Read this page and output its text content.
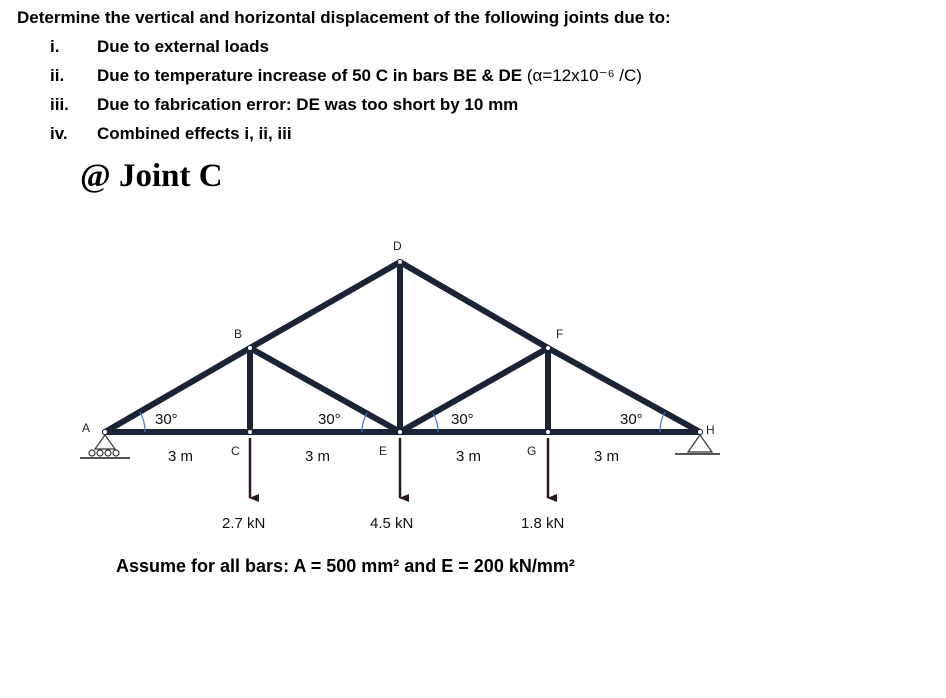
Determine the vertical and horizontal displacement of the following joints due to:
i. Due to external loads
ii. Due to temperature increase of 50 C in bars BE & DE (α=12x10⁻⁶ /C)
iii. Due to fabrication error: DE was too short by 10 mm
iv. Combined effects i, ii, iii
@ Joint C
A
B
C
D
E
F
G
H
30°	30°	30°	30°
3 m	3 m	3 m	3 m
2.7 kN	4.5 kN	1.8 kN
Assume for all bars: A = 500 mm² and E = 200 kN/mm²
